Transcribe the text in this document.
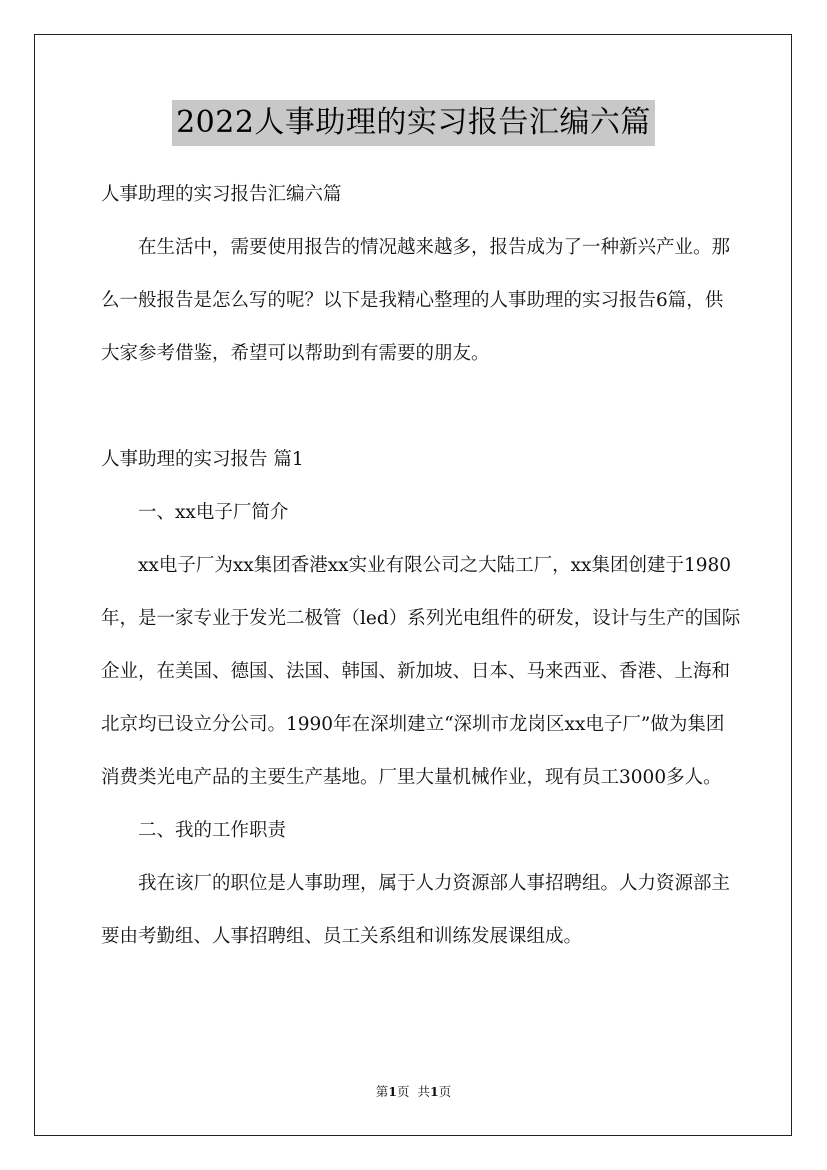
2022人事助理的实习报告汇编六篇

人事助理的实习报告汇编六篇

在生活中，需要使用报告的情况越来越多，报告成为了一种新兴产业。那么一般报告是怎么写的呢？以下是我精心整理的人事助理的实习报告6篇，供大家参考借鉴，希望可以帮助到有需要的朋友。

人事助理的实习报告 篇1

一、xx电子厂简介

xx电子厂为xx集团香港xx实业有限公司之大陆工厂，xx集团创建于1980年，是一家专业于发光二极管（led）系列光电组件的研发，设计与生产的国际企业，在美国、德国、法国、韩国、新加坡、日本、马来西亚、香港、上海和北京均已设立分公司。1990年在深圳建立“深圳市龙岗区xx电子厂”做为集团消费类光电产品的主要生产基地。厂里大量机械作业，现有员工3000多人。

二、我的工作职责

我在该厂的职位是人事助理，属于人力资源部人事招聘组。人力资源部主要由考勤组、人事招聘组、员工关系组和训练发展课组成。

第1页 共1页
